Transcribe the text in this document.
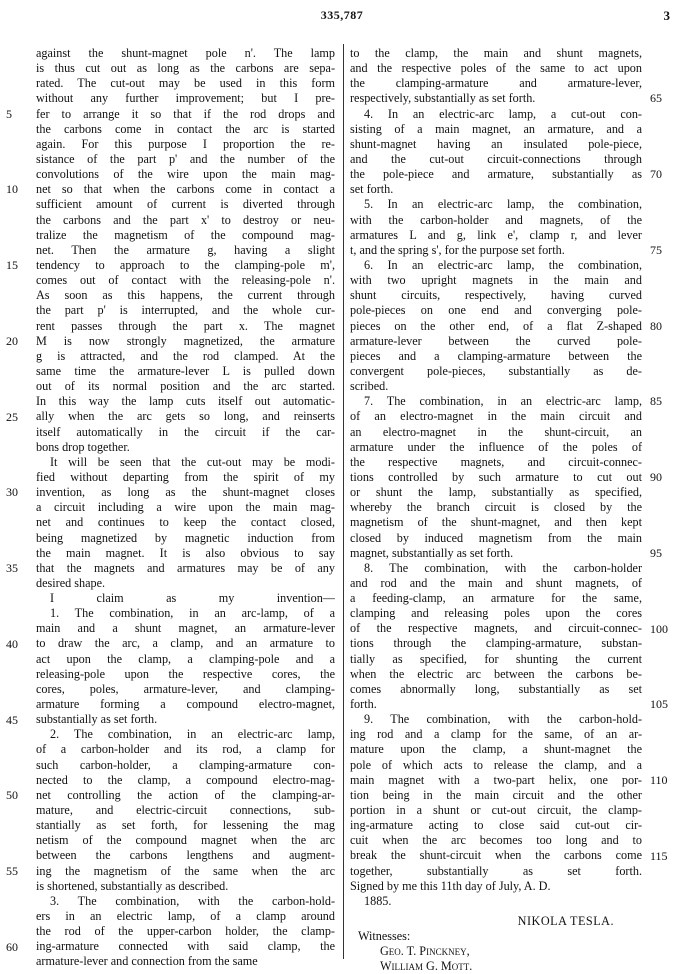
335,787	3
against the shunt-magnet pole n'. The lamp
is thus cut out as long as the carbons are sepa-
rated. The cut-out may be used in this form
without any further improvement; but I pre-
fer to arrange it so that if the rod drops and
the carbons come in contact the arc is started
again. For this purpose I proportion the re-
sistance of the part p' and the number of the
convolutions of the wire upon the main mag-
net so that when the carbons come in contact a
sufficient amount of current is diverted through
the carbons and the part x' to destroy or neu-
tralize the magnetism of the compound mag-
net. Then the armature g, having a slight
tendency to approach to the clamping-pole m',
comes out of contact with the releasing-pole n'.
As soon as this happens, the current through
the part p' is interrupted, and the whole cur-
rent passes through the part x. The magnet
M is now strongly magnetized, the armature
g is attracted, and the rod clamped. At the
same time the armature-lever L is pulled down
out of its normal position and the arc started.
In this way the lamp cuts itself out automatic-
ally when the arc gets so long, and reinserts
itself automatically in the circuit if the car-
bons drop together.
It will be seen that the cut-out may be modi-
fied without departing from the spirit of my
invention, as long as the shunt-magnet closes
a circuit including a wire upon the main mag-
net and continues to keep the contact closed,
being magnetized by magnetic induction from
the main magnet. It is also obvious to say
that the magnets and armatures may be of any
desired shape.
I claim as my invention—
1. The combination, in an arc-lamp, of a
main and a shunt magnet, an armature-lever
to draw the arc, a clamp, and an armature to
act upon the clamp, a clamping-pole and a
releasing-pole upon the respective cores, the
cores, poles, armature-lever, and clamping-
armature forming a compound electro-magnet,
substantially as set forth.
2. The combination, in an electric-arc lamp,
of a carbon-holder and its rod, a clamp for
such carbon-holder, a clamping-armature con-
nected to the clamp, a compound electro-mag-
net controlling the action of the clamping-ar-
mature, and electric-circuit connections, sub-
stantially as set forth, for lessening the mag
netism of the compound magnet when the arc
between the carbons lengthens and augment-
ing the magnetism of the same when the arc
is shortened, substantially as described.
3. The combination, with the carbon-hold-
ers in an electric lamp, of a clamp around
the rod of the upper-carbon holder, the clamp-
ing-armature connected with said clamp, the
armature-lever and connection from the same
to the clamp, the main and shunt magnets,
and the respective poles of the same to act upon
the clamping-armature and armature-lever,
respectively, substantially as set forth.
4. In an electric-arc lamp, a cut-out con-
sisting of a main magnet, an armature, and a
shunt-magnet having an insulated pole-piece,
and the cut-out circuit-connections through
the pole-piece and armature, substantially as
set forth.
5. In an electric-arc lamp, the combination,
with the carbon-holder and magnets, of the
armatures L and g, link e', clamp r, and lever
t, and the spring s', for the purpose set forth.
6. In an electric-arc lamp, the combination,
with two upright magnets in the main and
shunt circuits, respectively, having curved
pole-pieces on one end and converging pole-
pieces on the other end, of a flat Z-shaped
armature-lever between the curved pole-
pieces and a clamping-armature between the
convergent pole-pieces, substantially as de-
scribed.
7. The combination, in an electric-arc lamp,
of an electro-magnet in the main circuit and
an electro-magnet in the shunt-circuit, an
armature under the influence of the poles of
the respective magnets, and circuit-connec-
tions controlled by such armature to cut out
or shunt the lamp, substantially as specified,
whereby the branch circuit is closed by the
magnetism of the shunt-magnet, and then kept
closed by induced magnetism from the main
magnet, substantially as set forth.
8. The combination, with the carbon-holder
and rod and the main and shunt magnets, of
a feeding-clamp, an armature for the same,
clamping and releasing poles upon the cores
of the respective magnets, and circuit-connec-
tions through the clamping-armature, substan-
tially as specified, for shunting the current
when the electric arc between the carbons be-
comes abnormally long, substantially as set
forth.
9. The combination, with the carbon-hold-
ing rod and a clamp for the same, of an ar-
mature upon the clamp, a shunt-magnet the
pole of which acts to release the clamp, and a
main magnet with a two-part helix, one por-
tion being in the main circuit and the other
portion in a shunt or cut-out circuit, the clamp-
ing-armature acting to close said cut-out cir-
cuit when the arc becomes too long and to
break the shunt-circuit when the carbons come
together, substantially as set forth.
Signed by me this 11th day of July, A. D.
1885.
5
10
15
20
25
30
35
40
45
50
55
60
65
70
75
80
85
90
95
100
105
110
115
NIKOLA TESLA.
Witnesses:
Geo. T. Pinckney,
William G. Mott.
